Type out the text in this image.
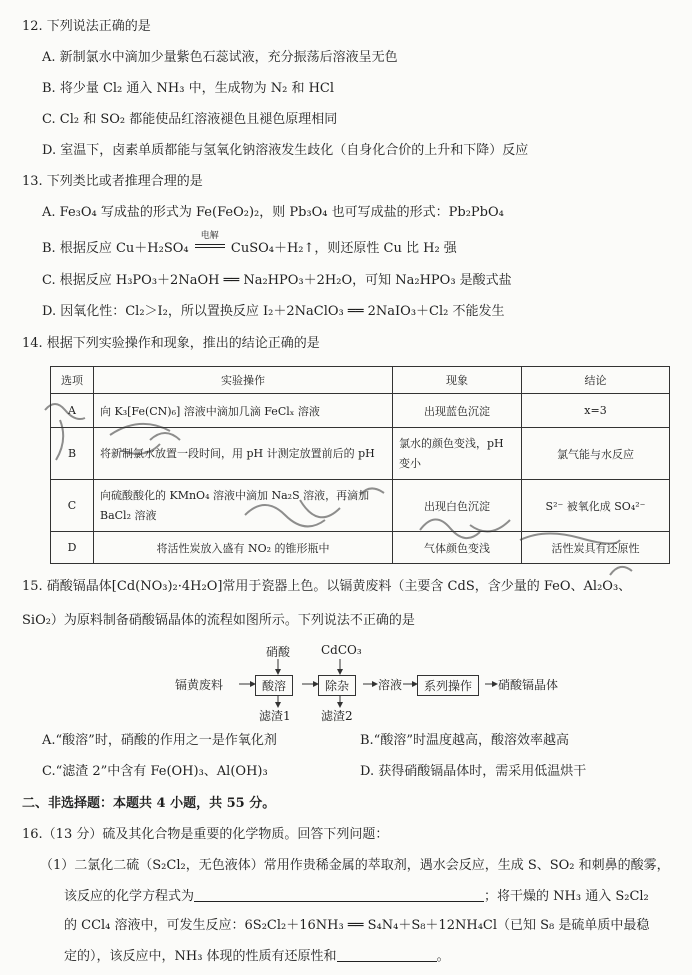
12. 下列说法正确的是
A. 新制氯水中滴加少量紫色石蕊试液，充分振荡后溶液呈无色
B. 将少量 Cl₂ 通入 NH₃ 中，生成物为 N₂ 和 HCl
C. Cl₂ 和 SO₂ 都能使品红溶液褪色且褪色原理相同
D. 室温下，卤素单质都能与氢氧化钠溶液发生歧化（自身化合价的上升和下降）反应
13. 下列类比或者推理合理的是
A. Fe₃O₄ 写成盐的形式为 Fe(FeO₂)₂，则 Pb₃O₄ 也可写成盐的形式：Pb₂PbO₄
B. 根据反应 Cu＋H₂SO₄
电解
CuSO₄＋H₂↑，则还原性 Cu 比 H₂ 强
C. 根据反应 H₃PO₃＋2NaOH ══ Na₂HPO₃＋2H₂O，可知 Na₂HPO₃ 是酸式盐
D. 因氧化性：Cl₂＞I₂，所以置换反应 I₂＋2NaClO₃ ══ 2NaIO₃＋Cl₂ 不能发生
14. 根据下列实验操作和现象，推出的结论正确的是
选项	实验操作	现象	结论
A	向 K₃[Fe(CN)₆] 溶液中滴加几滴 FeClₓ 溶液	出现蓝色沉淀	x=3
B	将新制氯水放置一段时间，用 pH 计测定放置前后的 pH	氯水的颜色变浅，pH 变小	氯气能与水反应
C	向硫酸酸化的 KMnO₄ 溶液中滴加 Na₂S 溶液，再滴加 BaCl₂ 溶液	出现白色沉淀	S²⁻ 被氧化成 SO₄²⁻
D	将活性炭放入盛有 NO₂ 的锥形瓶中	气体颜色变浅	活性炭具有还原性
15. 硝酸镉晶体[Cd(NO₃)₂·4H₂O]常用于瓷器上色。以镉黄废料（主要含 CdS，含少量的 FeO、Al₂O₃、
SiO₂）为原料制备硝酸镉晶体的流程如图所示。下列说法不正确的是
硝酸	CdCO₃
镉黄废料	酸溶	除杂	溶液	系列操作	硝酸镉晶体
滤渣1	滤渣2
A.“酸溶”时，硝酸的作用之一是作氧化剂	B.“酸溶”时温度越高，酸溶效率越高
C.“滤渣 2”中含有 Fe(OH)₃、Al(OH)₃	D. 获得硝酸镉晶体时，需采用低温烘干
二、非选择题：本题共 4 小题，共 55 分。
16.（13 分）硫及其化合物是重要的化学物质。回答下列问题：
（1）二氯化二硫（S₂Cl₂，无色液体）常用作贵稀金属的萃取剂，遇水会反应，生成 S、SO₂ 和刺鼻的酸雾，
该反应的化学方程式为	；将干燥的 NH₃ 通入 S₂Cl₂
的 CCl₄ 溶液中，可发生反应：6S₂Cl₂＋16NH₃ ══ S₄N₄＋S₈＋12NH₄Cl（已知 S₈ 是硫单质中最稳
定的），该反应中，NH₃ 体现的性质有还原性和	。
